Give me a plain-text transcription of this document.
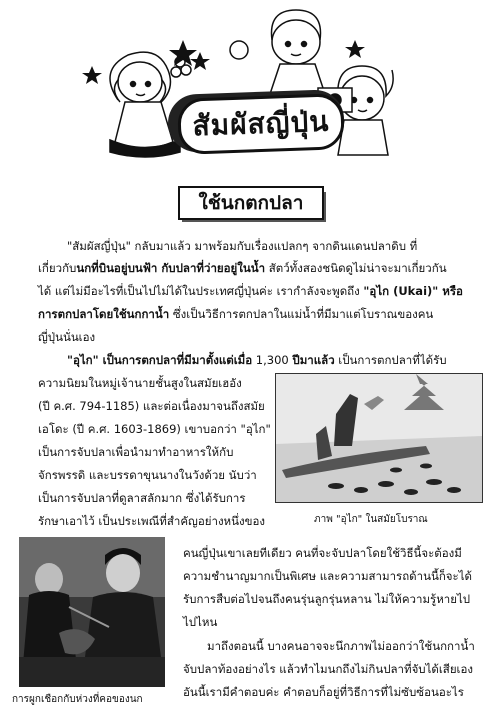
สัมผัสญี่ปุ่น
ใช้นกตกปลา

"สัมผัสญี่ปุ่น" กลับมาแล้ว มาพร้อมกับเรื่องแปลกๆ จากดินแดนปลาดิบ ที่

เกี่ยวกับนกที่บินอยู่บนฟ้า กับปลาที่ว่ายอยู่ในน้ำ สัตว์ทั้งสองชนิดดูไม่น่าจะมาเกี่ยวกัน

ได้ แต่ไม่มีอะไรที่เป็นไปไม่ได้ในประเทศญี่ปุ่นค่ะ เรากำลังจะพูดถึง "อุไก (Ukai)" หรือ

การตกปลาโดยใช้นกกาน้ำ ซึ่งเป็นวิธีการตกปลาในแม่น้ำที่มีมาแต่โบราณของคน

ญี่ปุ่นนั่นเอง

"อุไก" เป็นการตกปลาที่มีมาตั้งแต่เมื่อ 1,300 ปีมาแล้ว เป็นการตกปลาที่ได้รับ

ความนิยมในหมู่เจ้านายชั้นสูงในสมัยเฮอัง

(ปี ค.ศ. 794-1185) และต่อเนื่องมาจนถึงสมัย

เอโดะ (ปี ค.ศ. 1603-1869) เขาบอกว่า "อุไก"

เป็นการจับปลาเพื่อนำมาทำอาหารให้กับ

จักรพรรดิ และบรรดาขุนนางในวังด้วย นับว่า

เป็นการจับปลาที่ดูลาสลักมาก ซึ่งได้รับการ

รักษาเอาไว้ เป็นประเพณีที่สำคัญอย่างหนึ่งของ

คนญี่ปุ่นเขาเลยทีเดียว คนที่จะจับปลาโดยใช้วิธีนี้จะต้องมี

ความชำนาญมากเป็นพิเศษ และความสามารถด้านนี้ก็จะได้

รับการสืบต่อไปจนถึงคนรุ่นลูกรุ่นหลาน ไม่ให้ความรู้หายไป

ไปไหน

มาถึงตอนนี้ บางคนอาจจะนึกภาพไม่ออกว่าใช้นกกาน้ำ

จับปลาท้องอย่างไร แล้วทำไมนกถึงไม่กินปลาที่จับได้เสียเอง

อันนี้เรามีคำตอบค่ะ คำตอบก็อยู่ที่วิธีการที่ไม่ซับซ้อนอะไร

ภาพ "อุไก" ในสมัยโบราณ
การผูกเชือกกับห่วงที่คอของนก
